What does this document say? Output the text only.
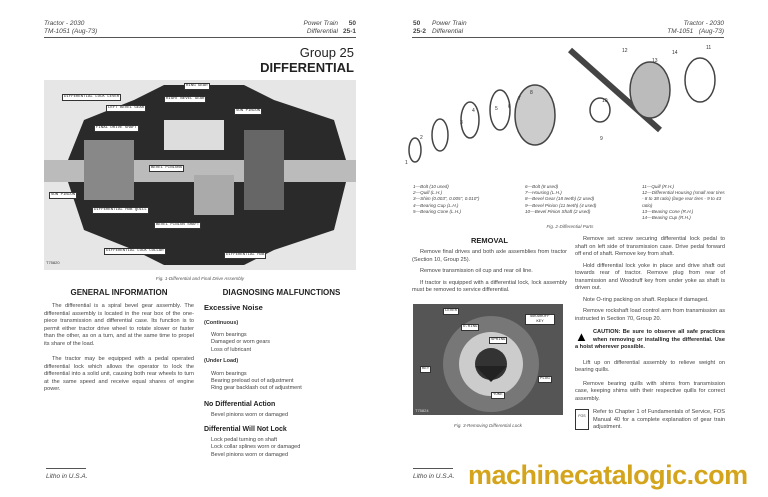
Tractor - 2030
TM-1051 (Aug-73)
Power Train 50
Differential 25-1
Group 25
DIFFERENTIAL
RING GEAR
DIFFERENTIAL LOCK LEVER
LEFT BEVEL GEAR
RIGHT BEVEL GEAR
SUN PINION
FINAL DRIVE SHAFT
BEVEL PINIONS
SUN PINION
DIFFERENTIAL HUB QUILL
BEVEL PINION SHAFT
DIFFERENTIAL LOCK COLLAR
DIFFERENTIAL HUB
T75820
Fig. 1-Differential and Final Drive Assembly
GENERAL INFORMATION

The differential is a spiral bevel gear assembly. The differential assembly is located in the rear box of the one-piece transmission and differential case. Its function is to permit either tractor drive wheel to rotate slower or faster than the other, as on a turn, and at the same time to propel its share of the load.

The tractor may be equipped with a pedal operated differential lock which allows the operator to lock the differential into a solid unit, causing both rear wheels to turn at the same speed and receive equal shares of engine power.

DIAGNOSING MALFUNCTIONS
Excessive Noise
(Continuous)
Worn bearings
Damaged or worn gears
Loss of lubricant
(Under Load)
Worn bearings
Bearing preload out of adjustment
Ring gear backlash out of adjustment
No Differential Action
Bevel pinions worn or damaged
Differential Will Not Lock
Lock pedal turning on shaft
Lock collar splines worn or damaged
Bevel pinions worn or damaged
Litho in U.S.A.
50 Power Train
25-2 Differential
Tractor - 2030
TM-1051   (Aug-73)
1
2
3
4	5 6
7
8
9
10
11
12
13
14
1—Bolt (10 used)
2—Quill (L.H.)
3—Shim (0.003", 0.005", 0.010")
4—Bearing Cup (L.H.)
5—Bearing Cone (L.H.)
6—Bolt (8 used)
7—Housing (L.H.)
8—Bevel Gear (18 teeth) (2 used)
9—Bevel Pinion (11 teeth) (4 used)
10—Bevel Pinion Shaft (2 used)
11—Quill (R.H.)
12—Differential Housing (small rear tires - 8 to 38 ratio) (large rear tires - 9 to 43 ratio)
13—Bearing Cone (R.H.)
14—Bearing Cup (R.H.)
Fig. 2-Differential Parts
REMOVAL

Remove final drives and both axle assemblies from tractor (Section 10, Group 25).

Remove transmission oil cup and rear oil line.

If tractor is equipped with a differential lock, lock assembly must be removed to service differential.

LEVER
O-RING
WOODRUFF KEY
SPRING
KEY
PLUG
YOKE
T75824
Fig. 3-Removing Differential Lock

Remove set screw securing differential lock pedal to shaft on left side of transmission case. Drive pedal forward off end of shaft. Remove key from shaft.

Hold differential lock yoke in place and drive shaft out towards rear of tractor. Remove plug from rear of transmission and Woodruff key from under yoke as shaft is driven out.

Note O-ring packing on shaft. Replace if damaged.

Remove rockshaft load control arm from transmission as instructed in Section 70, Group 20.

▲ CAUTION: Be sure to observe all safe practices when removing or installing the differential. Use a hoist wherever possible.

Lift up on differential assembly to relieve weight on bearing quills.

Remove bearing quills with shims from transmission case, keeping shims with their respective quills for correct assembly.

FOS

Refer to Chapter 1 of Fundamentals of Service, FOS Manual 40 for a complete explanation of gear train adjustment.

Litho in U.S.A. machinecatalogic.com
